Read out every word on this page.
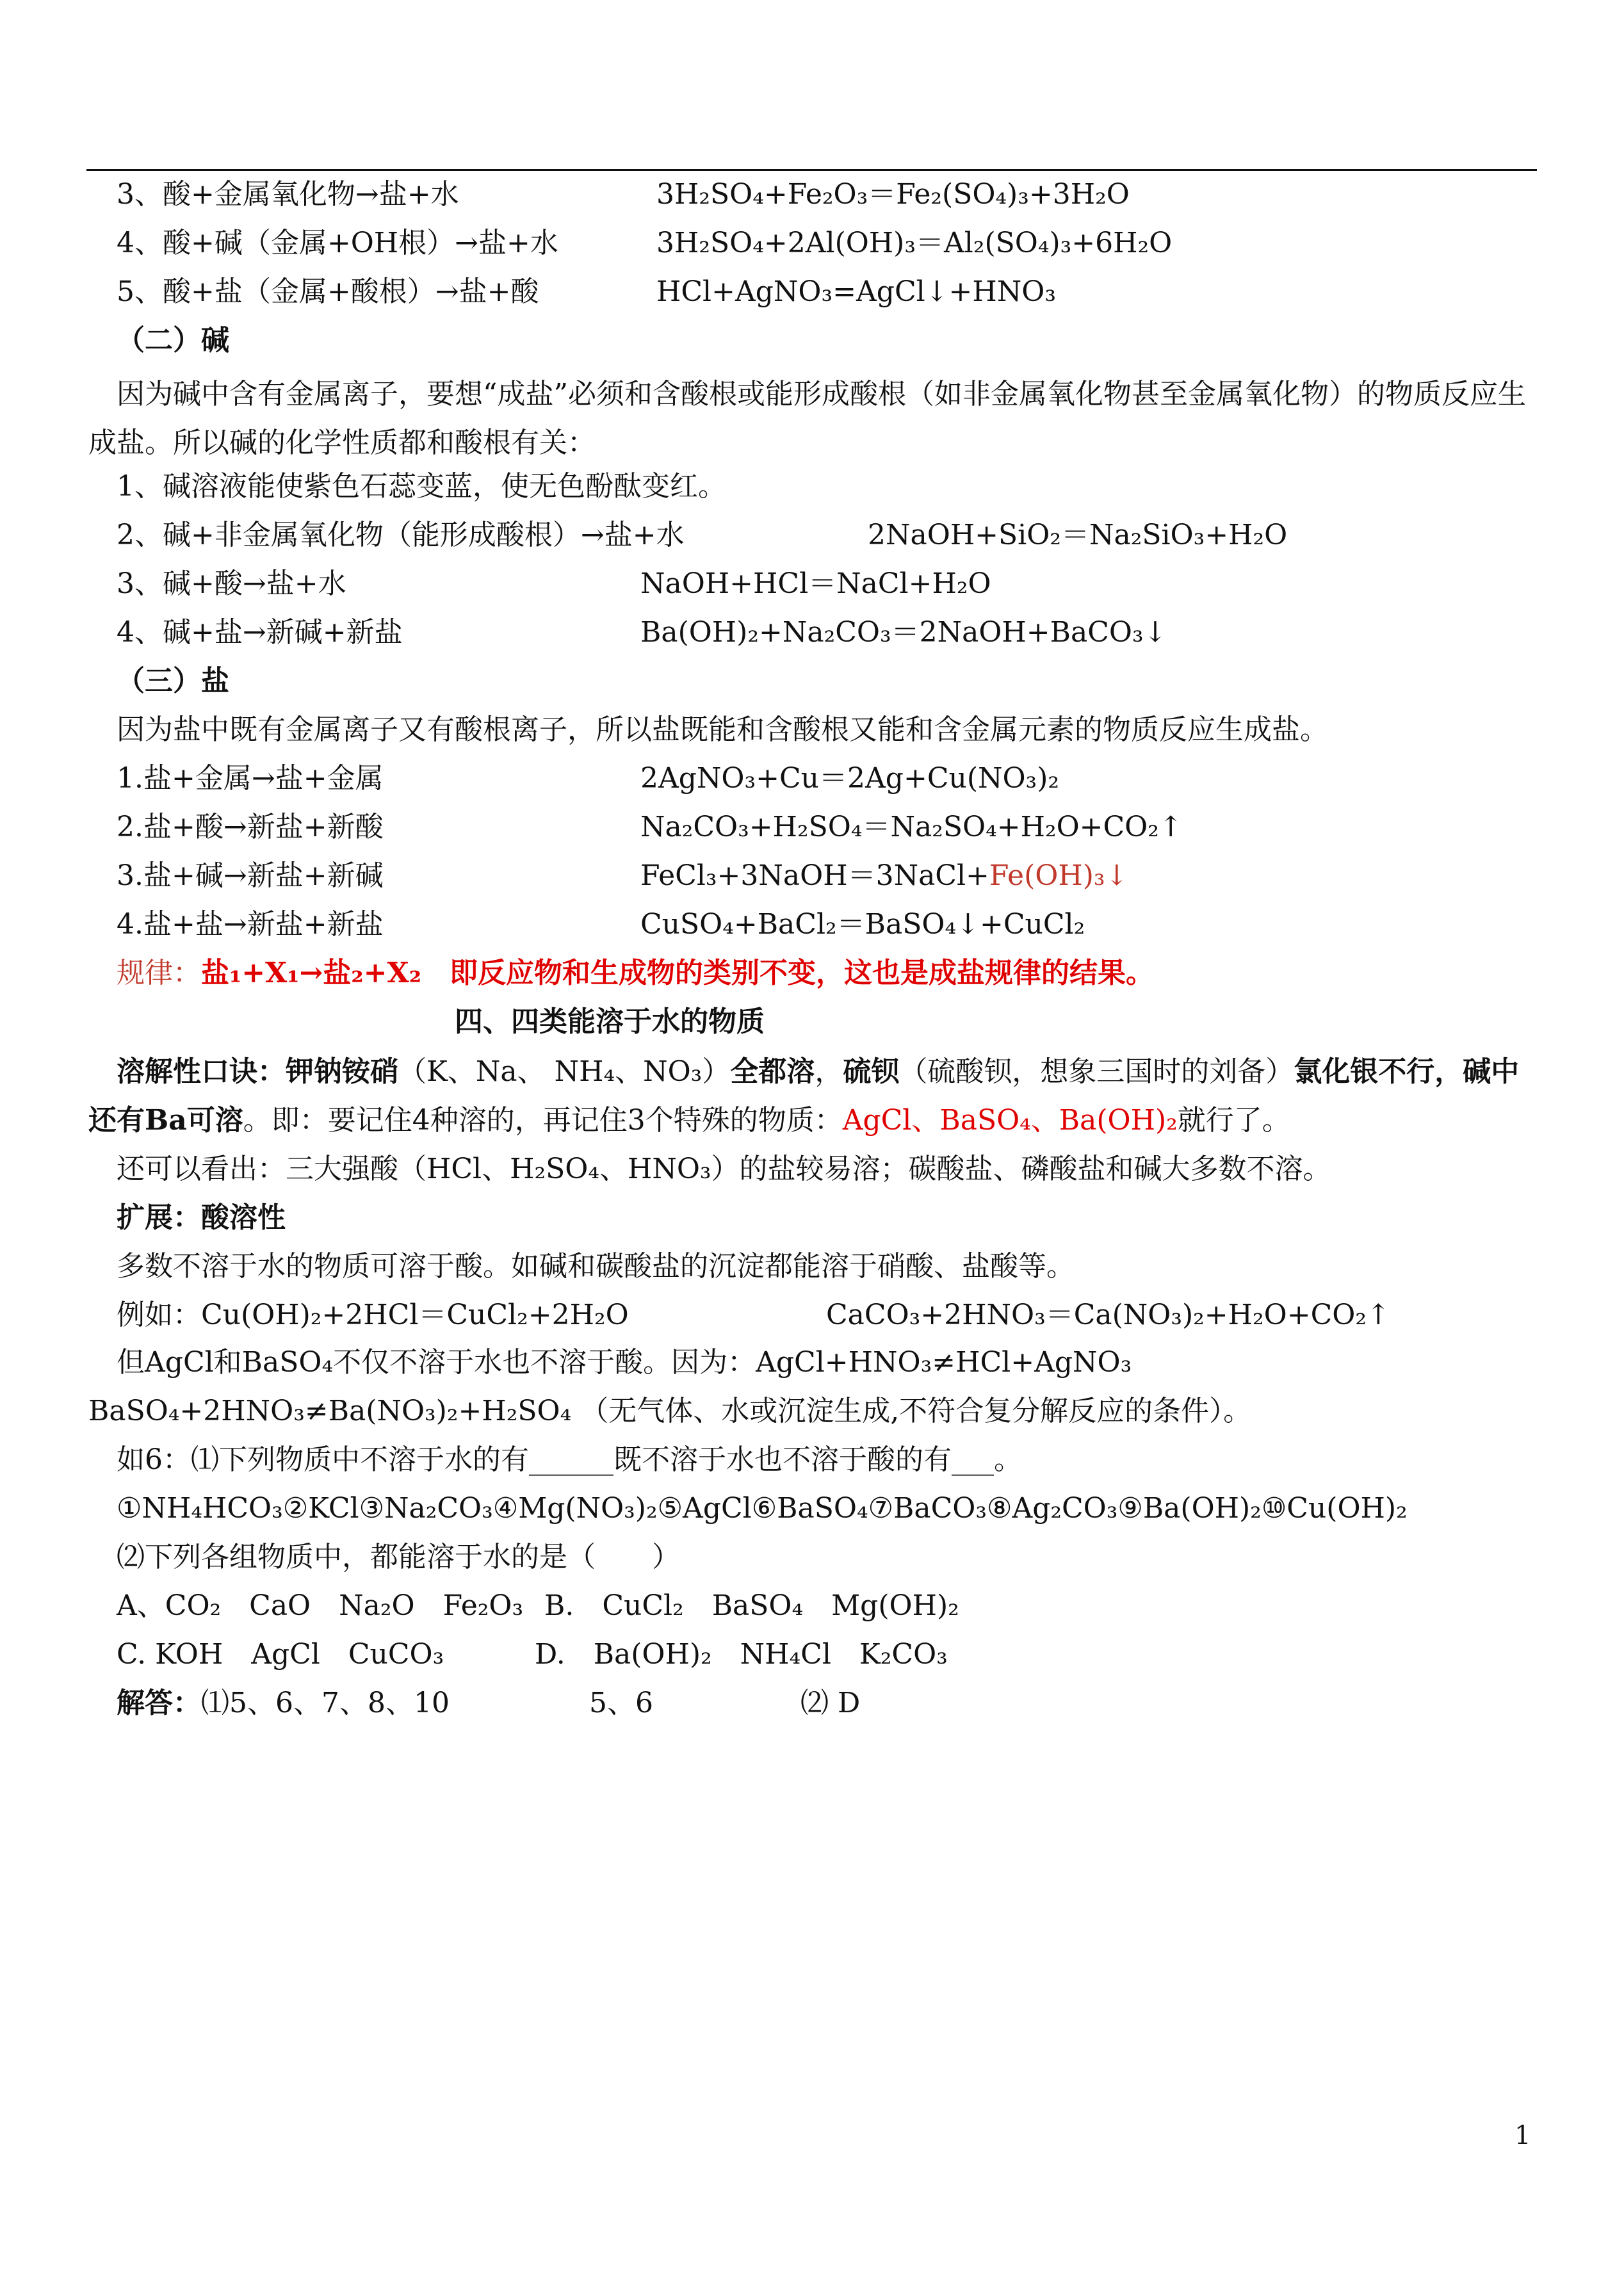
3、酸+金属氧化物→盐+水	3H₂SO₄+Fe₂O₃＝Fe₂(SO₄)₃+3H₂O
4、酸+碱（金属+OH根）→盐+水	3H₂SO₄+2Al(OH)₃＝Al₂(SO₄)₃+6H₂O
5、酸+盐（金属+酸根）→盐+酸	HCl+AgNO₃=AgCl↓+HNO₃
（二）碱
因为碱中含有金属离子，要想“成盐”必须和含酸根或能形成酸根（如非金属氧化物甚至金属氧化物）的物质反应生成盐。所以碱的化学性质都和酸根有关：
1、碱溶液能使紫色石蕊变蓝，使无色酚酞变红。
2、碱+非金属氧化物（能形成酸根）→盐+水	2NaOH+SiO₂＝Na₂SiO₃+H₂O
3、碱+酸→盐+水	NaOH+HCl＝NaCl+H₂O
4、碱+盐→新碱+新盐	Ba(OH)₂+Na₂CO₃＝2NaOH+BaCO₃↓
（三）盐
因为盐中既有金属离子又有酸根离子，所以盐既能和含酸根又能和含金属元素的物质反应生成盐。
1.盐+金属→盐+金属	2AgNO₃+Cu＝2Ag+Cu(NO₃)₂
2.盐+酸→新盐+新酸	Na₂CO₃+H₂SO₄＝Na₂SO₄+H₂O+CO₂↑
3.盐+碱→新盐+新碱	FeCl₃+3NaOH＝3NaCl+Fe(OH)₃↓
4.盐+盐→新盐+新盐	CuSO₄+BaCl₂＝BaSO₄↓+CuCl₂
规律：盐₁+X₁→盐₂+X₂ 即反应物和生成物的类别不变，这也是成盐规律的结果。
四、四类能溶于水的物质
溶解性口诀：钾钠铵硝（K、Na、 NH₄、NO₃）全都溶，硫钡（硫酸钡，想象三国时的刘备）氯化银不行，碱中还有Ba可溶。即：要记住4种溶的，再记住3个特殊的物质：AgCl、BaSO₄、Ba(OH)₂就行了。
还可以看出：三大强酸（HCl、H₂SO₄、HNO₃）的盐较易溶；碳酸盐、磷酸盐和碱大多数不溶。
扩展：酸溶性
多数不溶于水的物质可溶于酸。如碱和碳酸盐的沉淀都能溶于硝酸、盐酸等。
例如：Cu(OH)₂+2HCl＝CuCl₂+2H₂O	CaCO₃+2HNO₃＝Ca(NO₃)₂+H₂O+CO₂↑
但AgCl和BaSO₄不仅不溶于水也不溶于酸。因为：AgCl+HNO₃≠HCl+AgNO₃　　BaSO₄+2HNO₃≠Ba(NO₃)₂+H₂SO₄ （无气体、水或沉淀生成,不符合复分解反应的条件）。
如6：⑴下列物质中不溶于水的有______既不溶于水也不溶于酸的有___。
①NH₄HCO₃②KCl③Na₂CO₃④Mg(NO₃)₂⑤AgCl⑥BaSO₄⑦BaCO₃⑧Ag₂CO₃⑨Ba(OH)₂⑩Cu(OH)₂
⑵下列各组物质中，都能溶于水的是（　　）
A、CO₂　CaO　Na₂O　Fe₂O₃ B.　CuCl₂　BaSO₄　Mg(OH)₂
C. KOH　AgCl　CuCO₃	D.　Ba(OH)₂　NH₄Cl　K₂CO₃
解答：⑴5、6、7、8、10	5、6	⑵ D
1
